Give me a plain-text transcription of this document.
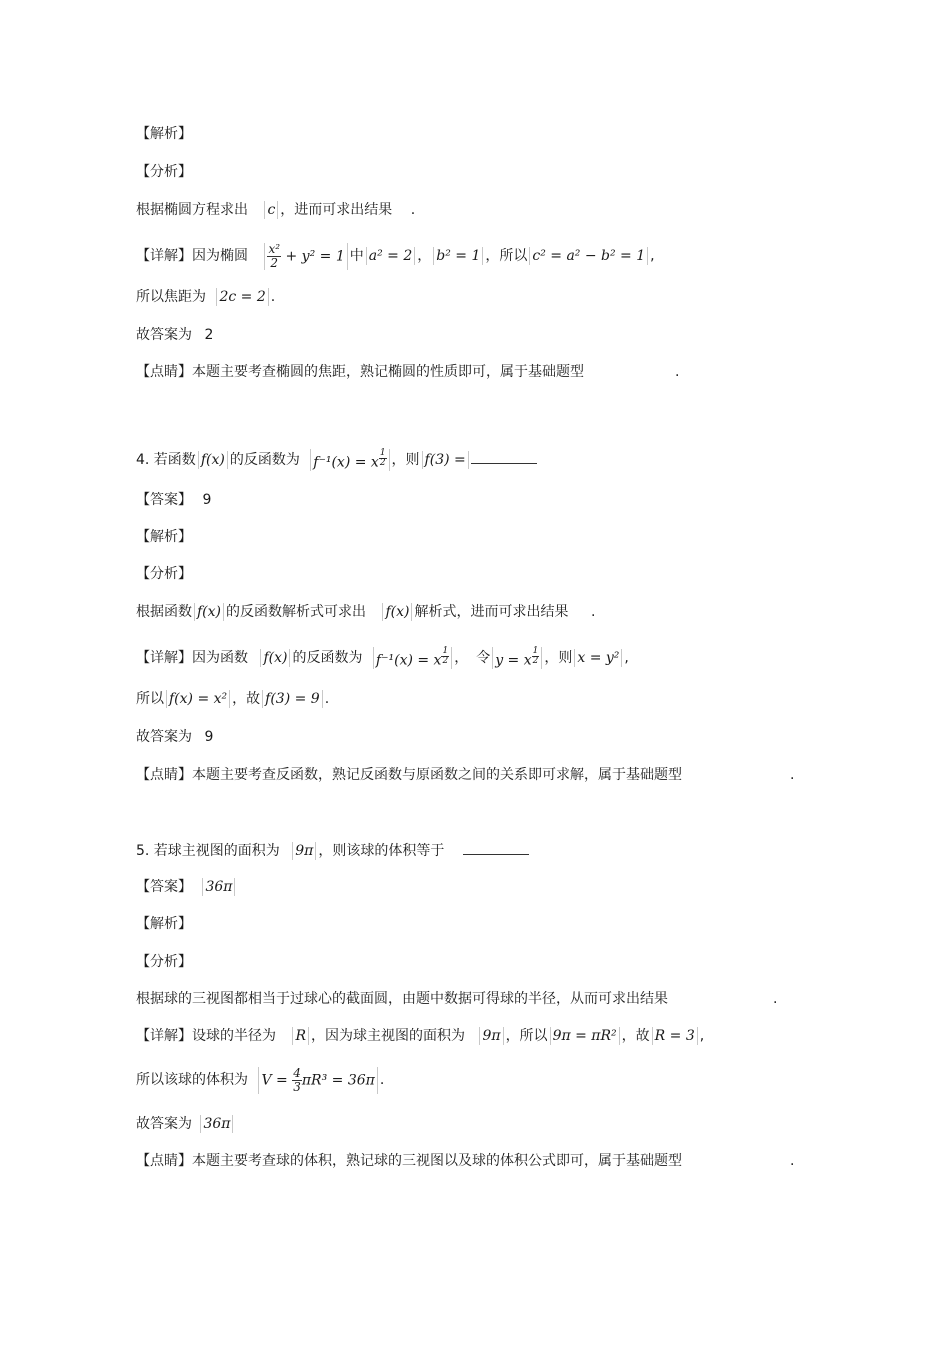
【解析】
【分析】
根据椭圆方程求出 c ，进而可求出结果 .
【详解】因为椭圆 $\frac{\text{x²}}{2} + y^2 = 1$ 中 a² = 2 ， b² = 1 ，所以 c² = a² − b² = 1 ,
所以焦距为 2c = 2 .
故答案为 2
【点睛】本题主要考查椭圆的焦距，熟记椭圆的性质即可，属于基础题型	.
4. 若函数 f(x) 的反函数为 f⁻¹(x) = x $^{\frac{1}{2}}$ ，则 f(3) =
【答案】 9
【解析】
【分析】
根据函数 f(x) 的反函数解析式可求出 f(x) 解析式，进而可求出结果 .
【详解】因为函数 f(x) 的反函数为 f⁻¹(x) = x $^{\frac{1}{2}}$ ， 令 y = x $^{\frac{1}{2}}$ ，则 x = y² ,
所以 f(x) = x² ，故 f(3) = 9 .
故答案为 9
【点睛】本题主要考查反函数，熟记反函数与原函数之间的关系即可求解，属于基础题型	.
5. 若球主视图的面积为 9π ，则该球的体积等于
【答案】 36π
【解析】
【分析】
根据球的三视图都相当于过球心的截面圆，由题中数据可得球的半径，从而可求出结果	.
【详解】设球的半径为 R ，因为球主视图的面积为 9π ，所以 9π = πR² ，故 R = 3 ,
所以该球的体积为 $V = \frac{4}{3} \pi R^3 = 36\pi$ .
故答案为 36π
【点睛】本题主要考查球的体积，熟记球的三视图以及球的体积公式即可，属于基础题型	.
